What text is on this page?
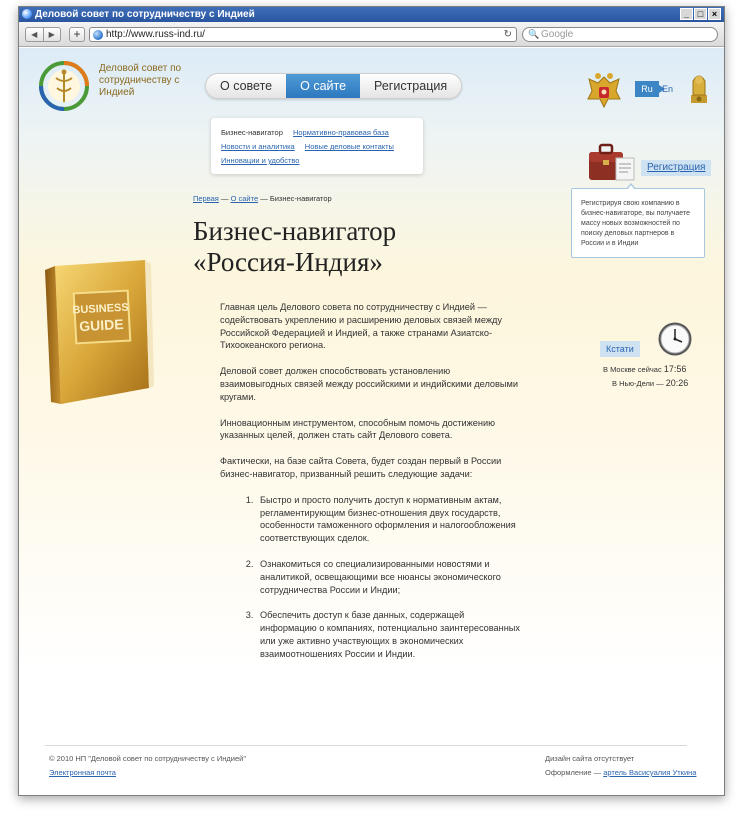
Деловой совет по сотрудничеству с Индией	_ □ ×
◀	▶	+	http://www.russ-ind.ru/	↻ 🔍 Google
Деловой совет по сотрудничеству с Индией	О совете	О сайте	Регистрация
Бизнес-навигатор Нормативно-правовая база
Новости и аналитика Новые деловые контакты
Инновации и удобство
Ru	En
Регистрация
Регистрируя свою компанию в бизнес-навигаторе, вы получаете массу новых возможностей по поиску деловых партнеров в России и в Индии
Первая — О сайте — Бизнес-навигатор
Бизнес-навигатор
«Россия-Индия»
BUSINESS
GUIDE

Главная цель Делового совета по сотрудничеству с Индией — содействовать укреплению и расширению деловых связей между Российской Федерацией и Индией, а также странами Азиатско-Тихоокеанского региона.

Деловой совет должен способствовать установлению взаимовыгодных связей между российскими и индийскими деловыми кругами.

Инновационным инструментом, способным помочь достижению указанных целей, должен стать сайт Делового совета.

Фактически, на базе сайта Совета, будет создан первый в России бизнес-навигатор, призванный решить следующие задачи:

1. Быстро и просто получить доступ к нормативным актам, регламентирующим бизнес-отношения двух государств, особенности таможенного оформления и налогообложения соответствующих сделок.
2. Ознакомиться со специализированными новостями и аналитикой, освещающими все нюансы экономического сотрудничества России и Индии;
3. Обеспечить доступ к базе данных, содержащей информацию о компаниях, потенциально заинтересованных или уже активно участвующих в экономических взаимоотношениях России и Индии.
Кстати
В Москве сейчас 17:56
В Нью-Дели — 20:26
© 2010 НП "Деловой совет по сотрудничеству с Индией"
Электронная почта
Дизайн сайта отсутствует
Оформление — артель Васисуалия Уткина
